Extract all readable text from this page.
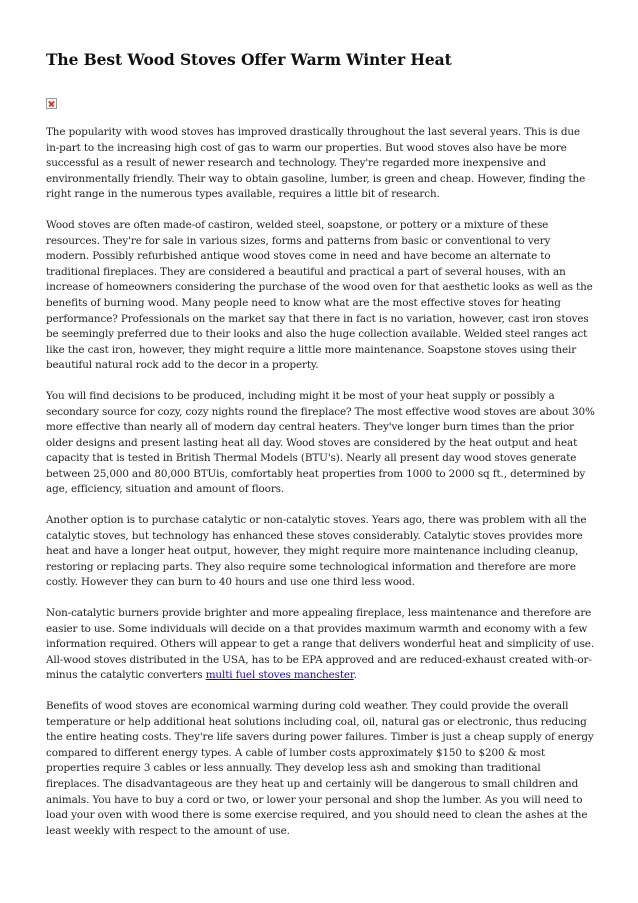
The Best Wood Stoves Offer Warm Winter Heat

The popularity with wood stoves has improved drastically throughout the last several years. This is due in-part to the increasing high cost of gas to warm our properties. But wood stoves also have be more successful as a result of newer research and technology. They're regarded more inexpensive and environmentally friendly. Their way to obtain gasoline, lumber, is green and cheap. However, finding the right range in the numerous types available, requires a little bit of research.

Wood stoves are often made-of castiron, welded steel, soapstone, or pottery or a mixture of these resources. They're for sale in various sizes, forms and patterns from basic or conventional to very modern. Possibly refurbished antique wood stoves come in need and have become an alternate to traditional fireplaces. They are considered a beautiful and practical a part of several houses, with an increase of homeowners considering the purchase of the wood oven for that aesthetic looks as well as the benefits of burning wood. Many people need to know what are the most effective stoves for heating performance? Professionals on the market say that there in fact is no variation, however, cast iron stoves be seemingly preferred due to their looks and also the huge collection available. Welded steel ranges act like the cast iron, however, they might require a little more maintenance. Soapstone stoves using their beautiful natural rock add to the decor in a property.

You will find decisions to be produced, including might it be most of your heat supply or possibly a secondary source for cozy, cozy nights round the fireplace? The most effective wood stoves are about 30% more effective than nearly all of modern day central heaters. They've longer burn times than the prior older designs and present lasting heat all day. Wood stoves are considered by the heat output and heat capacity that is tested in British Thermal Models (BTU's). Nearly all present day wood stoves generate between 25,000 and 80,000 BTUis, comfortably heat properties from 1000 to 2000 sq ft., determined by age, efficiency, situation and amount of floors.

Another option is to purchase catalytic or non-catalytic stoves. Years ago, there was problem with all the catalytic stoves, but technology has enhanced these stoves considerably. Catalytic stoves provides more heat and have a longer heat output, however, they might require more maintenance including cleanup, restoring or replacing parts. They also require some technological information and therefore are more costly. However they can burn to 40 hours and use one third less wood.

Non-catalytic burners provide brighter and more appealing fireplace, less maintenance and therefore are easier to use. Some individuals will decide on a that provides maximum warmth and economy with a few information required. Others will appear to get a range that delivers wonderful heat and simplicity of use. All-wood stoves distributed in the USA, has to be EPA approved and are reduced-exhaust created with-or-minus the catalytic converters multi fuel stoves manchester.

Benefits of wood stoves are economical warming during cold weather. They could provide the overall temperature or help additional heat solutions including coal, oil, natural gas or electronic, thus reducing the entire heating costs. They're life savers during power failures. Timber is just a cheap supply of energy compared to different energy types. A cable of lumber costs approximately $150 to $200 & most properties require 3 cables or less annually. They develop less ash and smoking than traditional fireplaces. The disadvantageous are they heat up and certainly will be dangerous to small children and animals. You have to buy a cord or two, or lower your personal and shop the lumber. As you will need to load your oven with wood there is some exercise required, and you should need to clean the ashes at the least weekly with respect to the amount of use.
